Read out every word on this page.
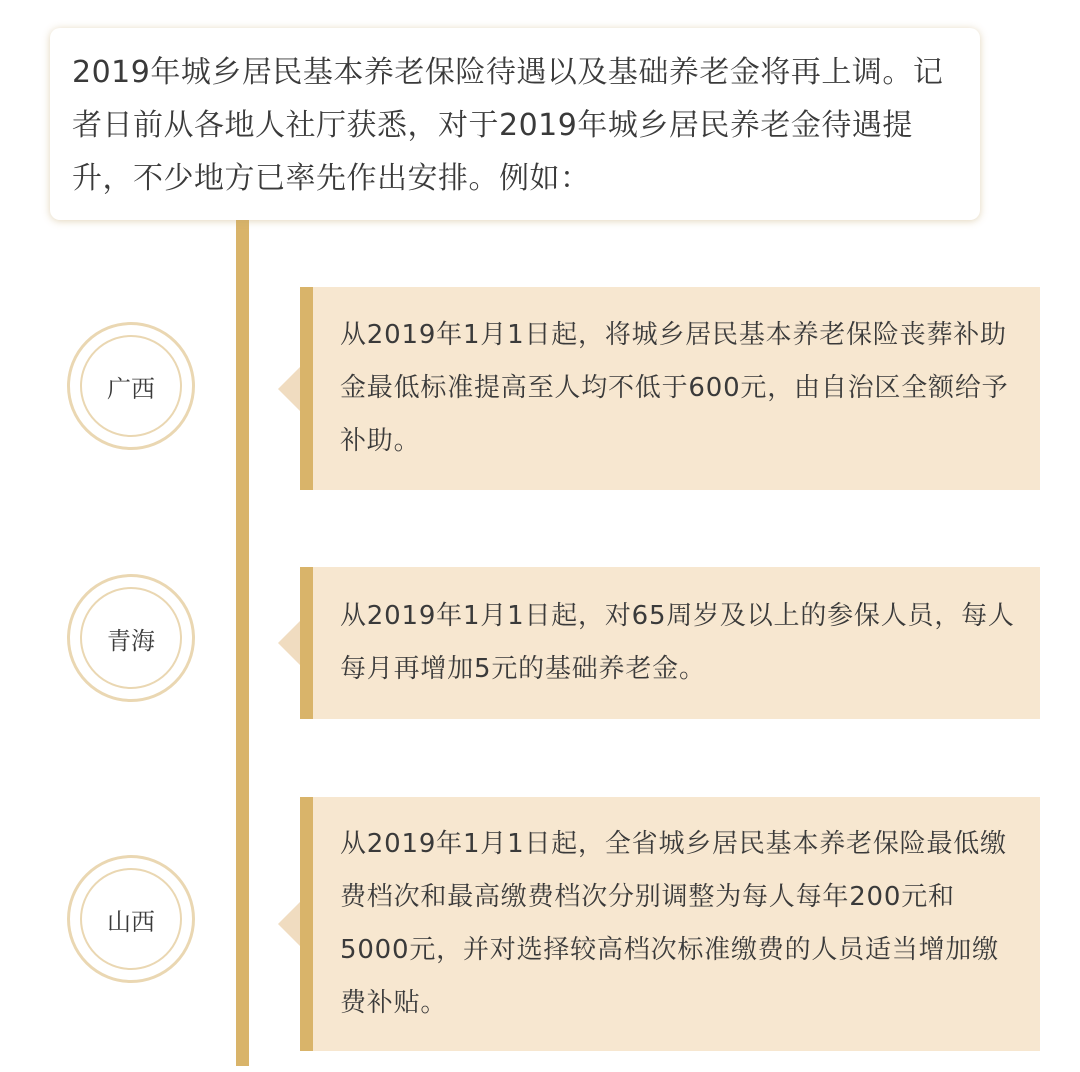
2019年城乡居民基本养老保险待遇以及基础养老金将再上调。记者日前从各地人社厅获悉，对于2019年城乡居民养老金待遇提升，不少地方已率先作出安排。例如：
广西
从2019年1月1日起，将城乡居民基本养老保险丧葬补助金最低标准提高至人均不低于600元，由自治区全额给予补助。
青海
从2019年1月1日起，对65周岁及以上的参保人员，每人每月再增加5元的基础养老金。
山西
从2019年1月1日起，全省城乡居民基本养老保险最低缴费档次和最高缴费档次分别调整为每人每年200元和5000元，并对选择较高档次标准缴费的人员适当增加缴费补贴。
